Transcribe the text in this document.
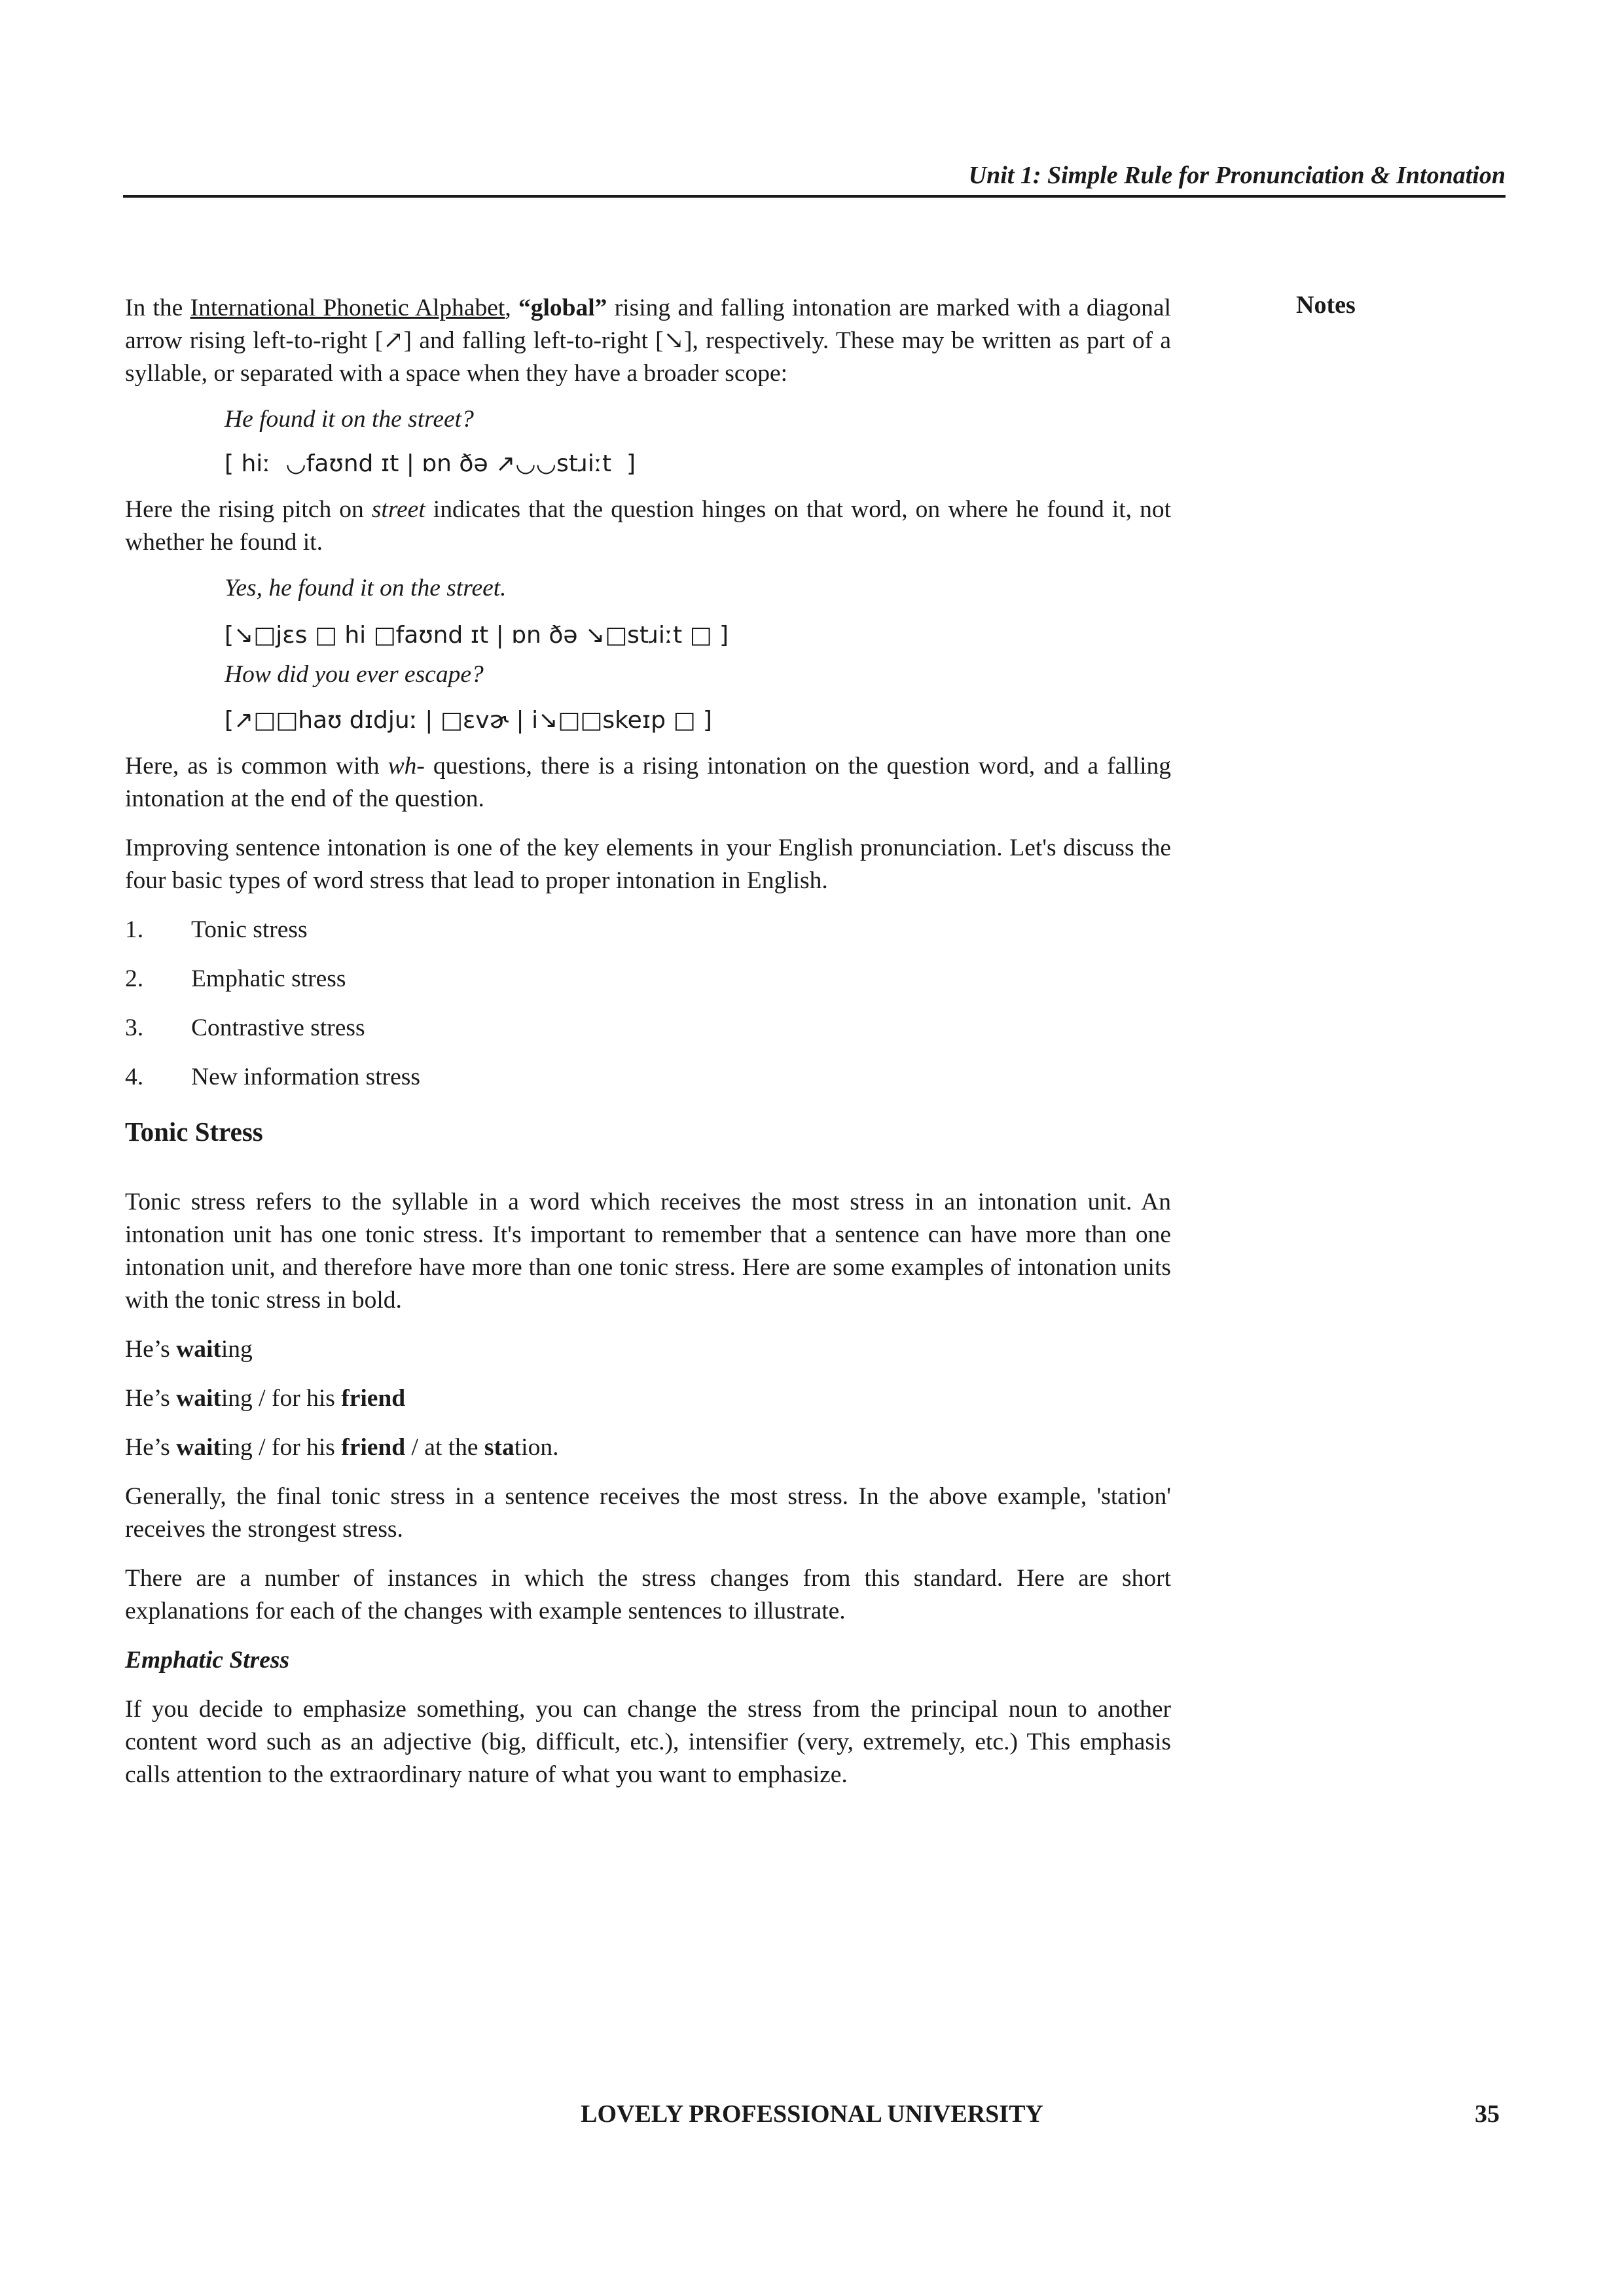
Unit 1: Simple Rule for Pronunciation & Intonation
Notes

In the International Phonetic Alphabet, “global” rising and falling intonation are marked with a diagonal arrow rising left-to-right [↗] and falling left-to-right [↘], respectively. These may be written as part of a syllable, or separated with a space when they have a broader scope:

He found it on the street?

[ hiː  ◡faʊnd ɪt | ɒn ðə ↗◡◡stɹiːt  ]

Here the rising pitch on street indicates that the question hinges on that word, on where he found it, not whether he found it.

Yes, he found it on the street.

[↘□jɛs □ hi □faʊnd ɪt | ɒn ðə ↘□stɹiːt □ ]

How did you ever escape?

[↗□□haʊ dɪdjuː | □ɛvɚ | i↘□□skeɪp □ ]

Here, as is common with wh- questions, there is a rising intonation on the question word, and a falling intonation at the end of the question.

Improving sentence intonation is one of the key elements in your English pronunciation. Let's discuss the four basic types of word stress that lead to proper intonation in English.

1.	Tonic stress
2.	Emphatic stress
3.	Contrastive stress
4.	New information stress

Tonic Stress

Tonic stress refers to the syllable in a word which receives the most stress in an intonation unit. An intonation unit has one tonic stress. It's important to remember that a sentence can have more than one intonation unit, and therefore have more than one tonic stress. Here are some examples of intonation units with the tonic stress in bold.

He’s waiting

He’s waiting / for his friend

He’s waiting / for his friend / at the station.

Generally, the final tonic stress in a sentence receives the most stress. In the above example, 'station' receives the strongest stress.

There are a number of instances in which the stress changes from this standard. Here are short explanations for each of the changes with example sentences to illustrate.

Emphatic Stress

If you decide to emphasize something, you can change the stress from the principal noun to another content word such as an adjective (big, difficult, etc.), intensifier (very, extremely, etc.) This emphasis calls attention to the extraordinary nature of what you want to emphasize.

LOVELY PROFESSIONAL UNIVERSITY	35
